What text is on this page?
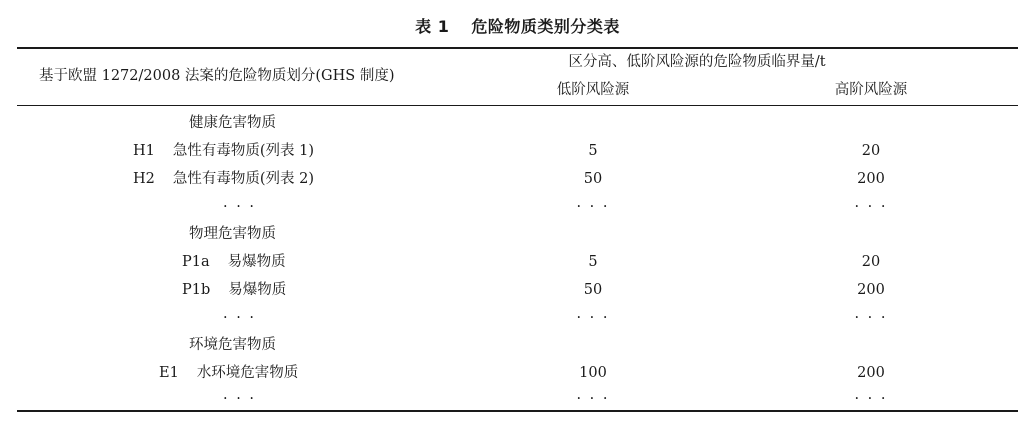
表 1 危险物质类别分类表
基于欧盟 1272/2008 法案的危险物质划分(GHS 制度)
区分高、低阶风险源的危险物质临界量/t
低阶风险源	高阶风险源
健康危害物质
H1 急性有毒物质(列表 1)	5	20
H2 急性有毒物质(列表 2)	50	200
· · ·	· · ·	· · ·
物理危害物质
P1a 易爆物质	5	20
P1b 易爆物质	50	200
· · ·	· · ·	· · ·
环境危害物质
E1 水环境危害物质	100	200
· · ·	· · ·	· · ·
